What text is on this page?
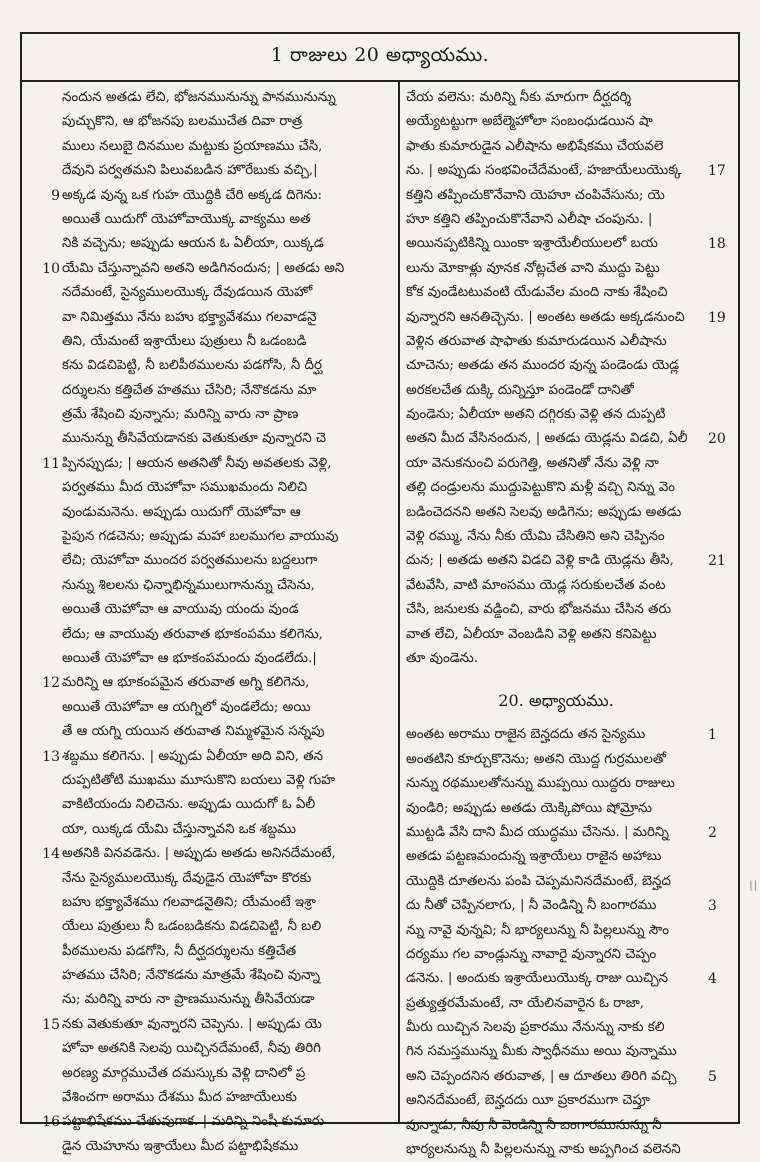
1 రాజులు 20 అధ్యాయము.
నందున అతడు లేచి, భోజనమునున్ను పానమునున్ను
పుచ్చుకొని, ఆ భోజనపు బలముచేత దివా రాత్ర
ములు నలుబై దినముల మట్టుకు ప్రయాణము చేసి,
దేవుని పర్వతమని పిలువబడిన హొరేబుకు వచ్చి,|
అక్కడ వున్న ఒక గుహ యొద్దికి చేరి అక్కడ దిగెను:
9
అయితే యిదుగో యెహోవాయొక్క వాక్యము అత
నికి వచ్చెను; అప్పుడు ఆయన ఓ ఏలీయా, యిక్కడ
యేమి చేస్తున్నావని అతని అడిగినందున; | అతడు అని
10
నదేమంటే, సైన్యములయొక్క దేవుడయిన యెహో
వా నిమిత్తము నేను బహు భక్త్యావేశము గలవాడనై
తిని, యేమంటే ఇశ్రాయేలు పుత్రులు నీ ఒడంబడి
కను విడచిపెట్టి, నీ బలిపీఠములను పడగోసి, నీ దీర్ఘ
దర్శులను కత్తిచేత హతము చేసిరి; నేనొకడను మా
త్రమే శేషించి వున్నాను; మరిన్ని వారు నా ప్రాణ
మునున్ను తీసివేయడానకు వెతుకుతూ వున్నారని చె
ప్పినప్పుడు; | ఆయన అతనితో నీవు అవతలకు వెళ్లి,
11
పర్వతము మీద యెహోవా సముఖమందు నిలిచి
వుండుమనెను. అప్పుడు యిదుగో యెహోవా ఆ
పైపున గడచెను; అప్పుడు మహా బలముగల వాయువు
లేచి; యెహోవా ముందర పర్వతములను బద్దలుగా
నున్ను శిలలను ఛిన్నాభిన్నములుగానున్ను చేసెను,
అయితే యెహోవా ఆ వాయువు యందు వుండ
లేదు; ఆ వాయువు తరువాత భూకంపము కలిగెను,
అయితే యెహోవా ఆ భూకంపమందు వుండలేదు.|
మరిన్ని ఆ భూకంపమైన తరువాత అగ్ని కలిగెను,
12
అయితే యెహోవా ఆ యగ్నిలో వుండలేదు; అయి
తే ఆ యగ్ని యయిన తరువాత నిమ్మళమైన సన్నపు
శబ్దము కలిగెను. | అప్పుడు ఏలీయా అది విని, తన
13
దుప్పటితోటి ముఖము మూసుకొని బయలు వెళ్లి గుహ
వాకిటియందు నిలిచెను. అప్పుడు యిదుగో ఓ ఏలీ
యా, యిక్కడ యేమి చేస్తున్నావని ఒక శబ్దము
అతనికి వినవడెను. | అప్పుడు అతడు అనినదేమంటే,
14
నేను సైన్యములయొక్క దేవుడైన యెహోవా కొరకు
బహు భక్త్యావేశము గలవాడనైతిని; యేమంటే ఇశ్రా
యేలు పుత్రులు నీ ఒడంబడికను విడచిపెట్టి, నీ బలి
పీఠములను పడగోసి, నీ దీర్ఘదర్శులను కత్తిచేత
హతము చేసిరి; నేనొకడను మాత్రమే శేషించి వున్నా
ను; మరిన్ని వారు నా ప్రాణమునున్ను తీసివేయడా
నకు వెతుకుతూ వున్నారని చెప్పెను. | అప్పుడు యె
15
హోవా అతనికి సెలవు యిచ్చినదేమంటే, నీవు తిరిగి
అరణ్య మార్గముచేత దమస్కుకు వెళ్లి దానిలో ప్ర
వేశించగా అరాము దేశము మీద హజాయేలుకు
పట్టాభిషేకము చేతువుగాక. | మరిన్ని నింషీ కుమారు
16
డైన యెహూను ఇశ్రాయేలు మీద పట్టాభిషేకము
చేయ వలెను: మరిన్ని నీకు మారుగా దీర్ఘదర్శి
అయ్యేటట్టుగా అబేల్మెహోలా సంబంధుడయిన షా
ఫాతు కుమారుడైన ఎలీషాను అభిషేకము చేయవలె
ను. | అప్పుడు సంభవించేదేమంటే, హజాయేలుయొక్క 17
కత్తిని తప్పించుకొనేవాని యెహూ చంపివేసును; యె
హూ కత్తిని తప్పించుకొనేవాని ఎలీషా చంపును. |
అయినప్పటికిన్ని యింకా ఇశ్రాయేలీయులలో బయ	18
లును మోకాళ్లు వూనక నోట్లచేత వాని ముద్దు పెట్టు
కోక వుండేటటువంటి యేడువేల మంది నాకు శేషించి
వున్నారని ఆనతిచ్చెను. | అంతట అతడు అక్కడనుంచి 19
వెళ్లిన తరువాత షాఫాతు కుమారుడయిన ఎలీషాను
చూచెను; అతడు తన ముందర వున్న పండెండు యెడ్ల
అరకలచేత దుక్కి దున్నిస్తూ పండెండో దానితో
వుండెను; ఏలీయా అతని దగ్గిరకు వెళ్లి తన దుప్పటి
అతని మీద వేసినందున, | అతడు యెడ్లను విడచి, ఏలీ 20
యా వెనుకనుంచి పరుగెత్తి, అతనితో నేను వెళ్లి నా
తల్లి దండ్రులను ముద్దుపెట్టుకొని మళ్లీ వచ్చి నిన్ను వెం
బడించెదనని అతని సెలవు అడిగెను; అప్పుడు అతడు
వెళ్లి రమ్ము, నేను నీకు యేమి చేసితిని అని చెప్పినం
దున; | అతడు అతని విడచి వెళ్లి కాడి యెడ్లను తీసి, 21
వేటవేసి, వాటి మాంసము యెడ్ల సరుకులచేత వంట
చేసి, జనులకు వడ్డించి, వారు భోజనము చేసిన తరు
వాత లేచి, ఏలీయా వెంబడిని వెళ్లి అతని కనిపెట్టు
తూ వుండెను.
20. అధ్యాయము.
అంతట అరాము రాజైన బెన్హదదు తన సైన్యము	1
అంతటిని కూర్చుకొనెను; అతని యొద్ద గుర్రములతో
నున్ను రథములతోనున్ను ముప్పయి యిద్దరు రాజులు
వుండిరి; అప్పుడు అతడు యెక్కిపోయి షోమ్రోను
ముట్టడి వేసి దాని మీద యుద్ధము చేసెను. | మరిన్ని	2
అతడు పట్టణమందున్న ఇశ్రాయేలు రాజైన అహాబు
యొద్దికి దూతలను పంపి చెప్పమనినదేమంటే, బెన్హద
దు నీతో చెప్పినలాగు, | నీ వెండిన్ని నీ బంగారము	3
న్ను నావై వున్నవి; నీ భార్యలున్ను నీ పిల్లలున్ను సౌం
దర్యము గల వాండ్లున్ను నావారై వున్నారని చెప్పం
డనెను. | అందుకు ఇశ్రాయేలుయొక్క రాజు యిచ్చిన	4
ప్రత్యుత్తరమేమంటే, నా యేలినవారైన ఓ రాజా,
మీరు యిచ్చిన సెలవు ప్రకారము నేనున్ను నాకు కలి
గిన సమస్తమున్ను మీకు స్వాధీనము అయి వున్నాము
అని చెప్పందనిన తరువాత, | ఆ దూతలు తిరిగి వచ్చి 5
అనినదేమంటే, బెన్హదదు యీ ప్రకారముగా చెప్తూ
వున్నాడు, నీవు నీ వెండిన్ని నీ బంగారమునున్ను నీ
భార్యలనున్ను నీ పిల్లలనున్ను నాకు అప్పగించ వలెనని
||
